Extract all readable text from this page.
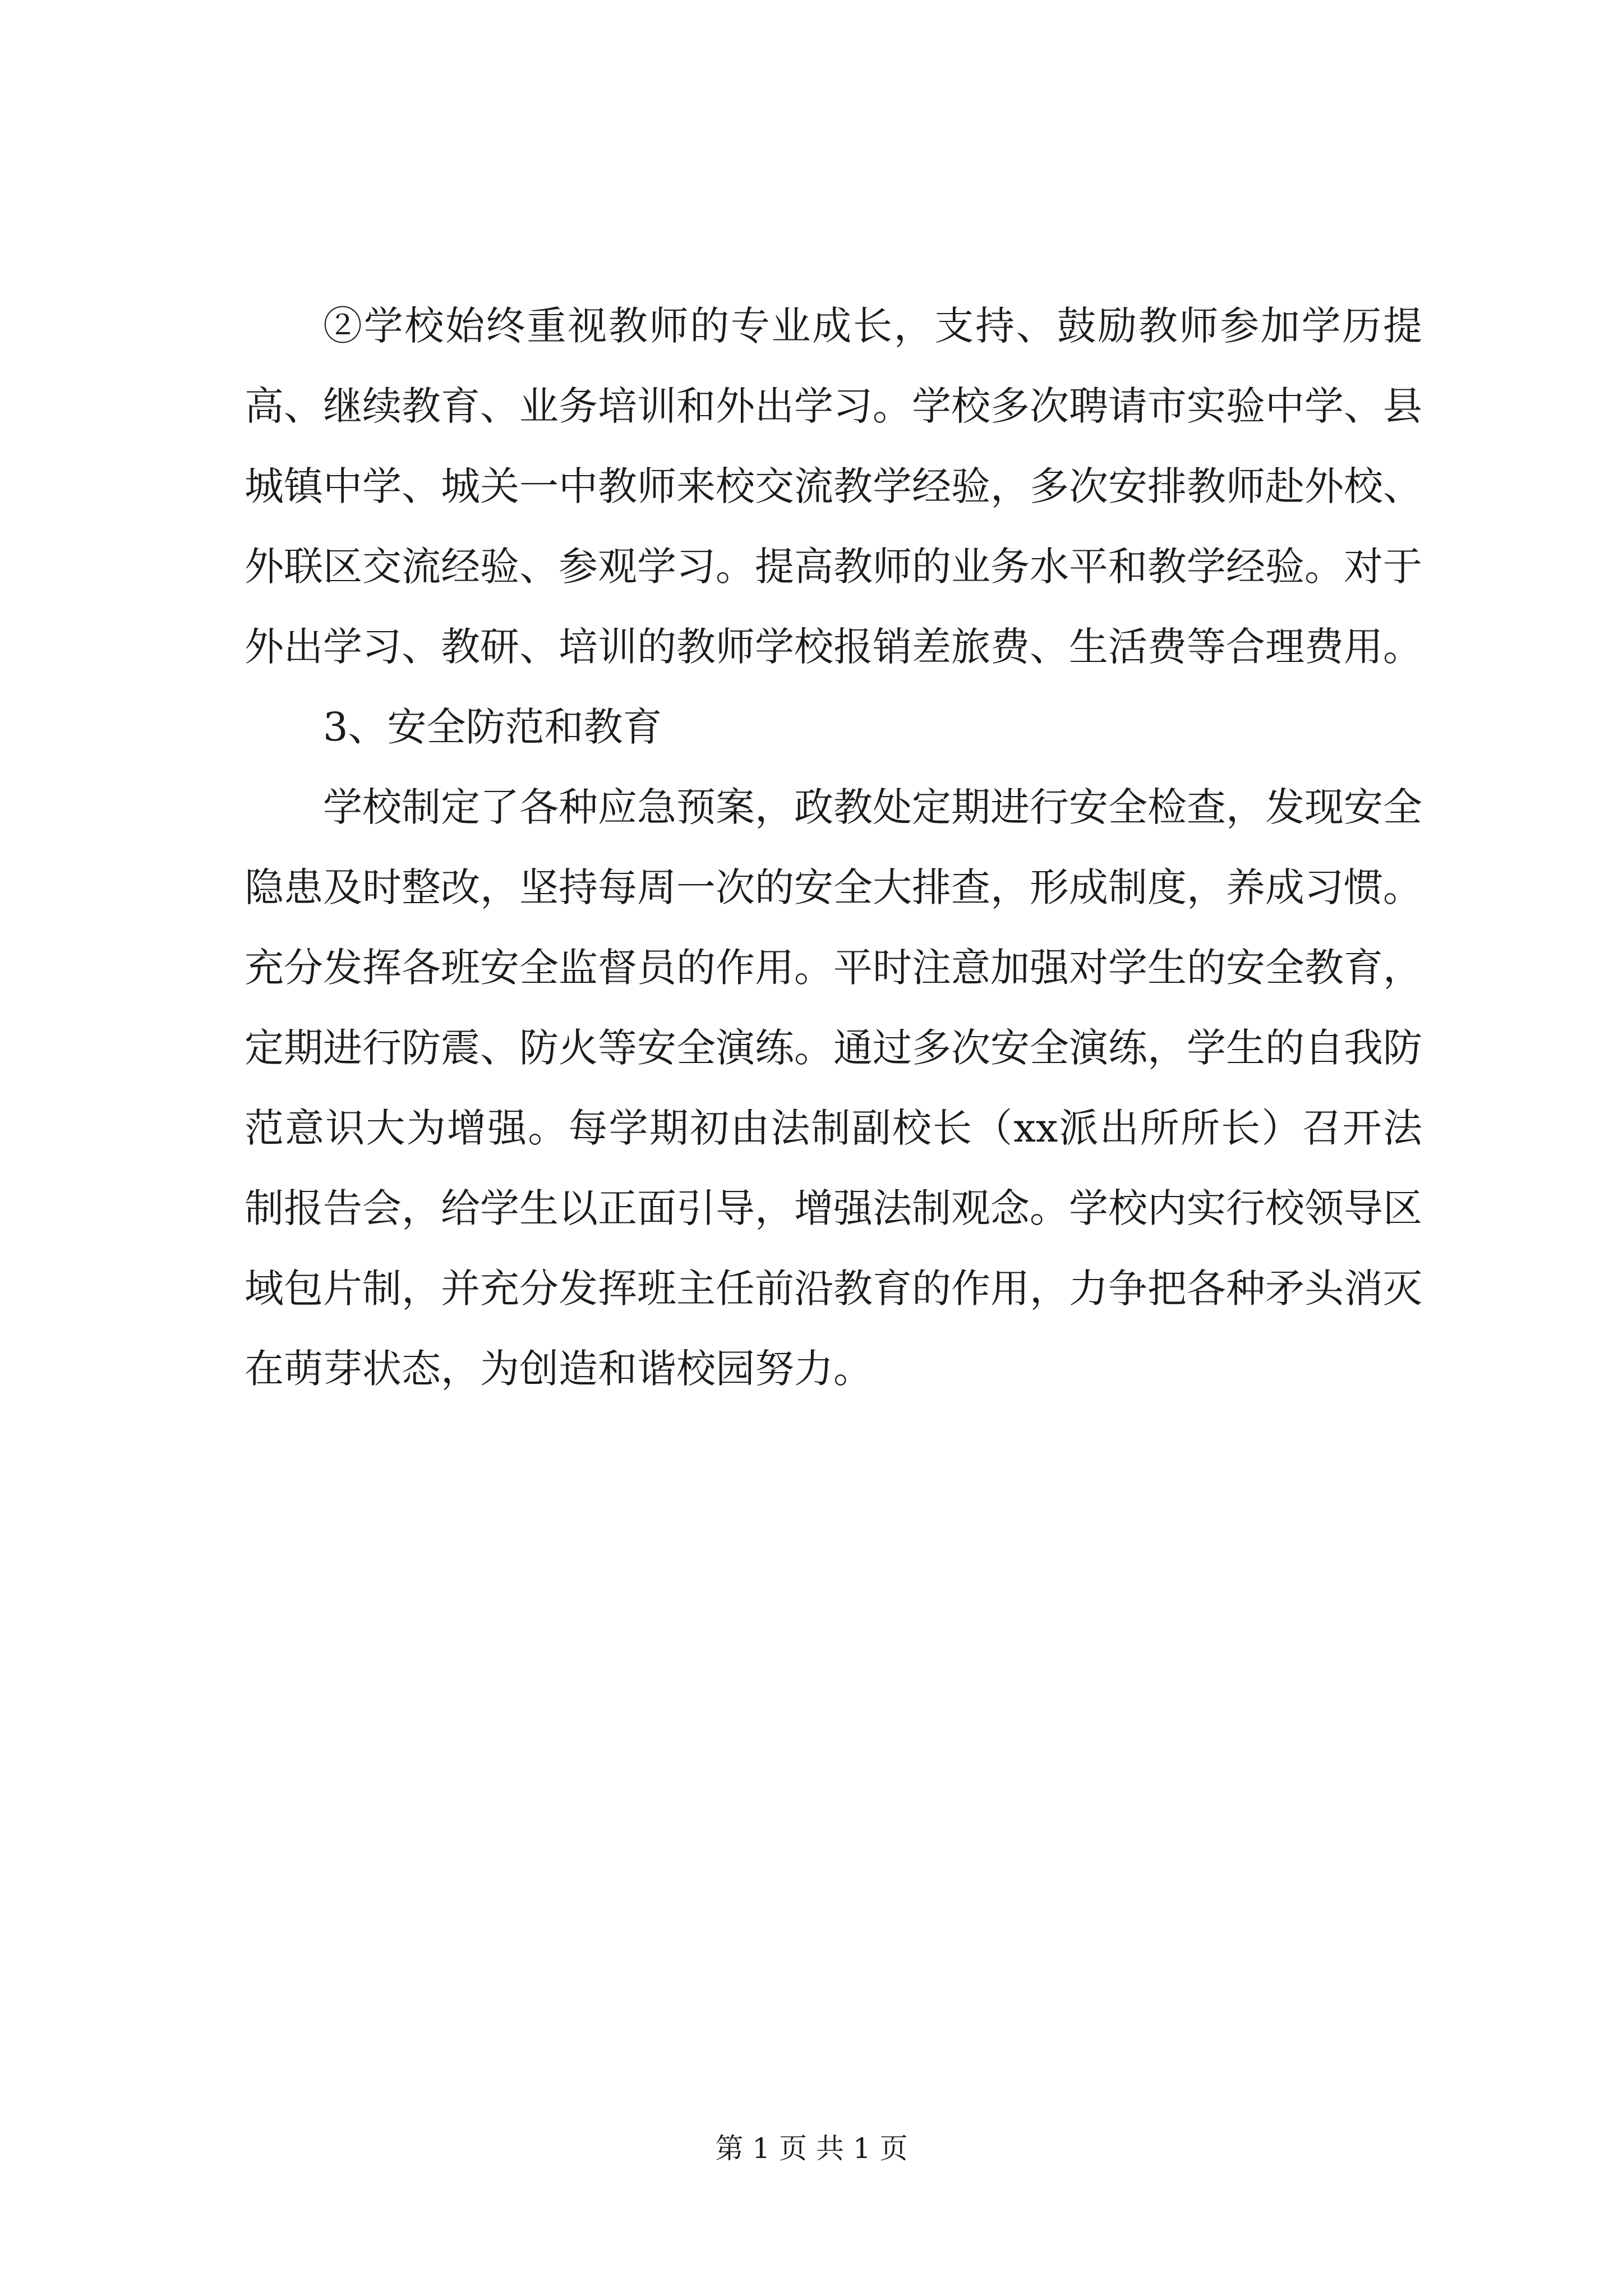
②学校始终重视教师的专业成长，支持、鼓励教师参加学历提高、继续教育、业务培训和外出学习。学校多次聘请市实验中学、县城镇中学、城关一中教师来校交流教学经验，多次安排教师赴外校、外联区交流经验、参观学习。提高教师的业务水平和教学经验。对于外出学习、教研、培训的教师学校报销差旅费、生活费等合理费用。

3、安全防范和教育

学校制定了各种应急预案，政教处定期进行安全检查，发现安全隐患及时整改，坚持每周一次的安全大排查，形成制度，养成习惯。充分发挥各班安全监督员的作用。平时注意加强对学生的安全教育，定期进行防震、防火等安全演练。通过多次安全演练，学生的自我防范意识大为增强。每学期初由法制副校长（xx派出所所长）召开法制报告会，给学生以正面引导，增强法制观念。学校内实行校领导区域包片制，并充分发挥班主任前沿教育的作用，力争把各种矛头消灭在萌芽状态，为创造和谐校园努力。

第 1 页 共 1 页
